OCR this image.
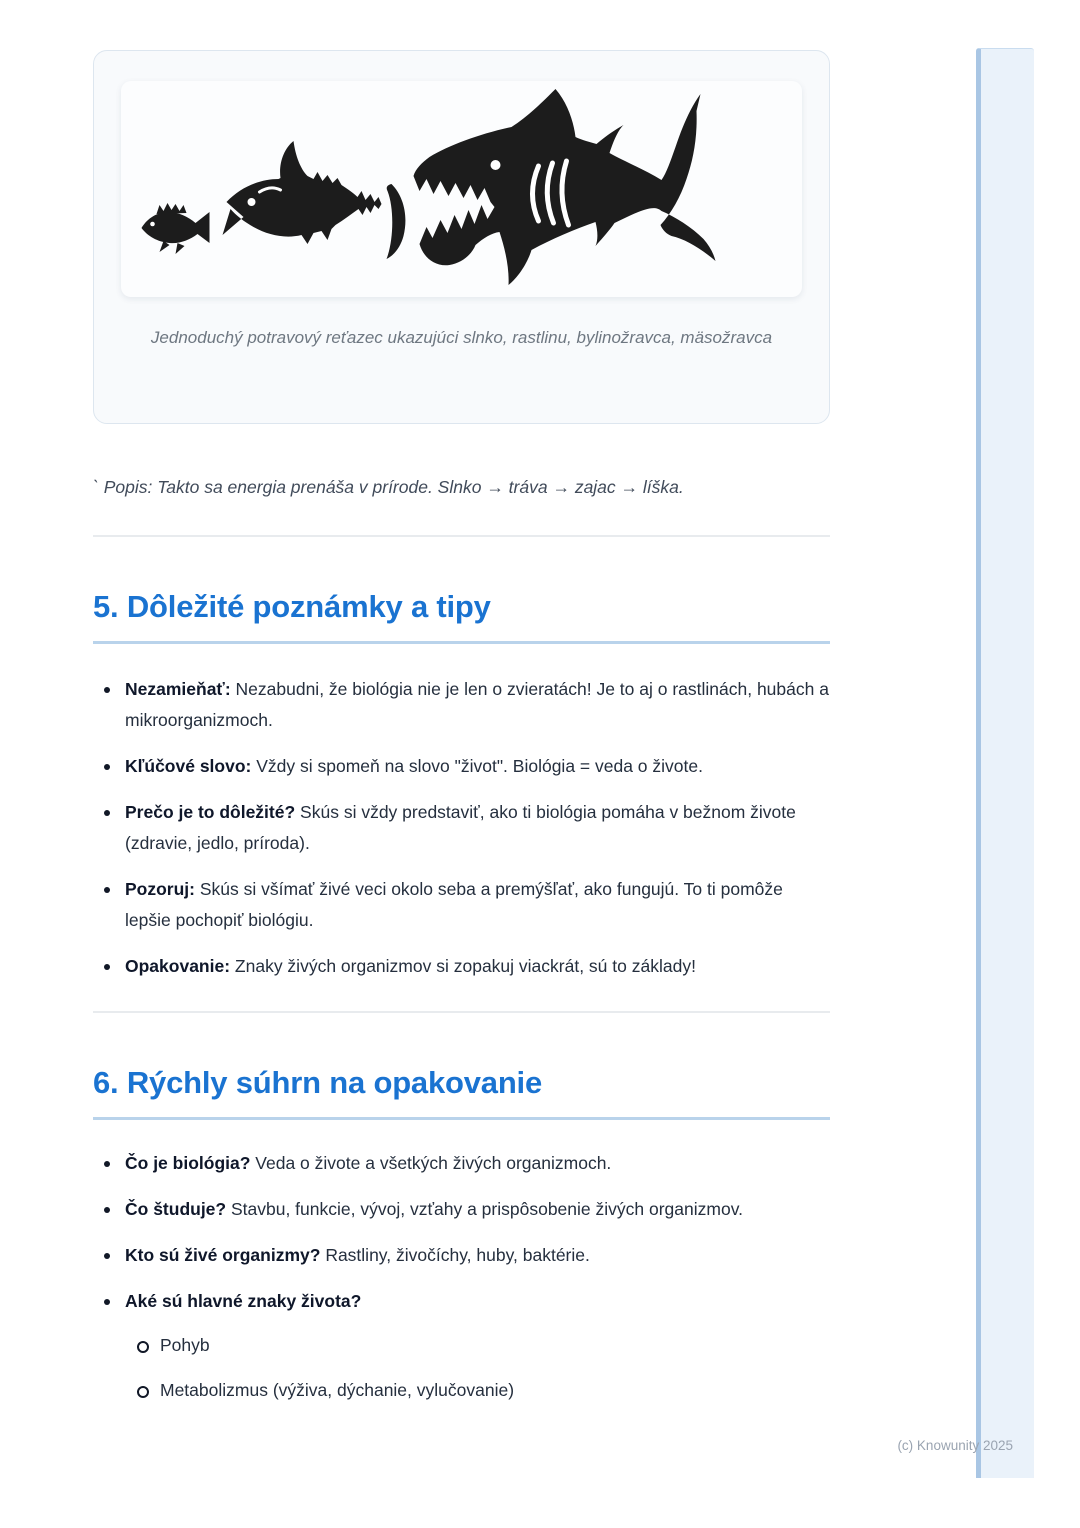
Jednoduchý potravový reťazec ukazujúci slnko, rastlinu, bylinožravca, mäsožravca
` Popis: Takto sa energia prenáša v prírode. Slnko → tráva → zajac → líška.
5. Dôležité poznámky a tipy
Nezamieňať: Nezabudni, že biológia nie je len o zvieratách! Je to aj o rastlinách, hubách a mikroorganizmoch.
Kľúčové slovo: Vždy si spomeň na slovo "život". Biológia = veda o živote.
Prečo je to dôležité? Skús si vždy predstaviť, ako ti biológia pomáha v bežnom živote (zdravie, jedlo, príroda).
Pozoruj: Skús si všímať živé veci okolo seba a premýšľať, ako fungujú. To ti pomôže lepšie pochopiť biológiu.
Opakovanie: Znaky živých organizmov si zopakuj viackrát, sú to základy!
6. Rýchly súhrn na opakovanie
Čo je biológia? Veda o živote a všetkých živých organizmoch.
Čo študuje? Stavbu, funkcie, vývoj, vzťahy a prispôsobenie živých organizmov.
Kto sú živé organizmy? Rastliny, živočíchy, huby, baktérie.
Aké sú hlavné znaky života?
Pohyb
Metabolizmus (výživa, dýchanie, vylučovanie)
(c) Knowunity 2025
